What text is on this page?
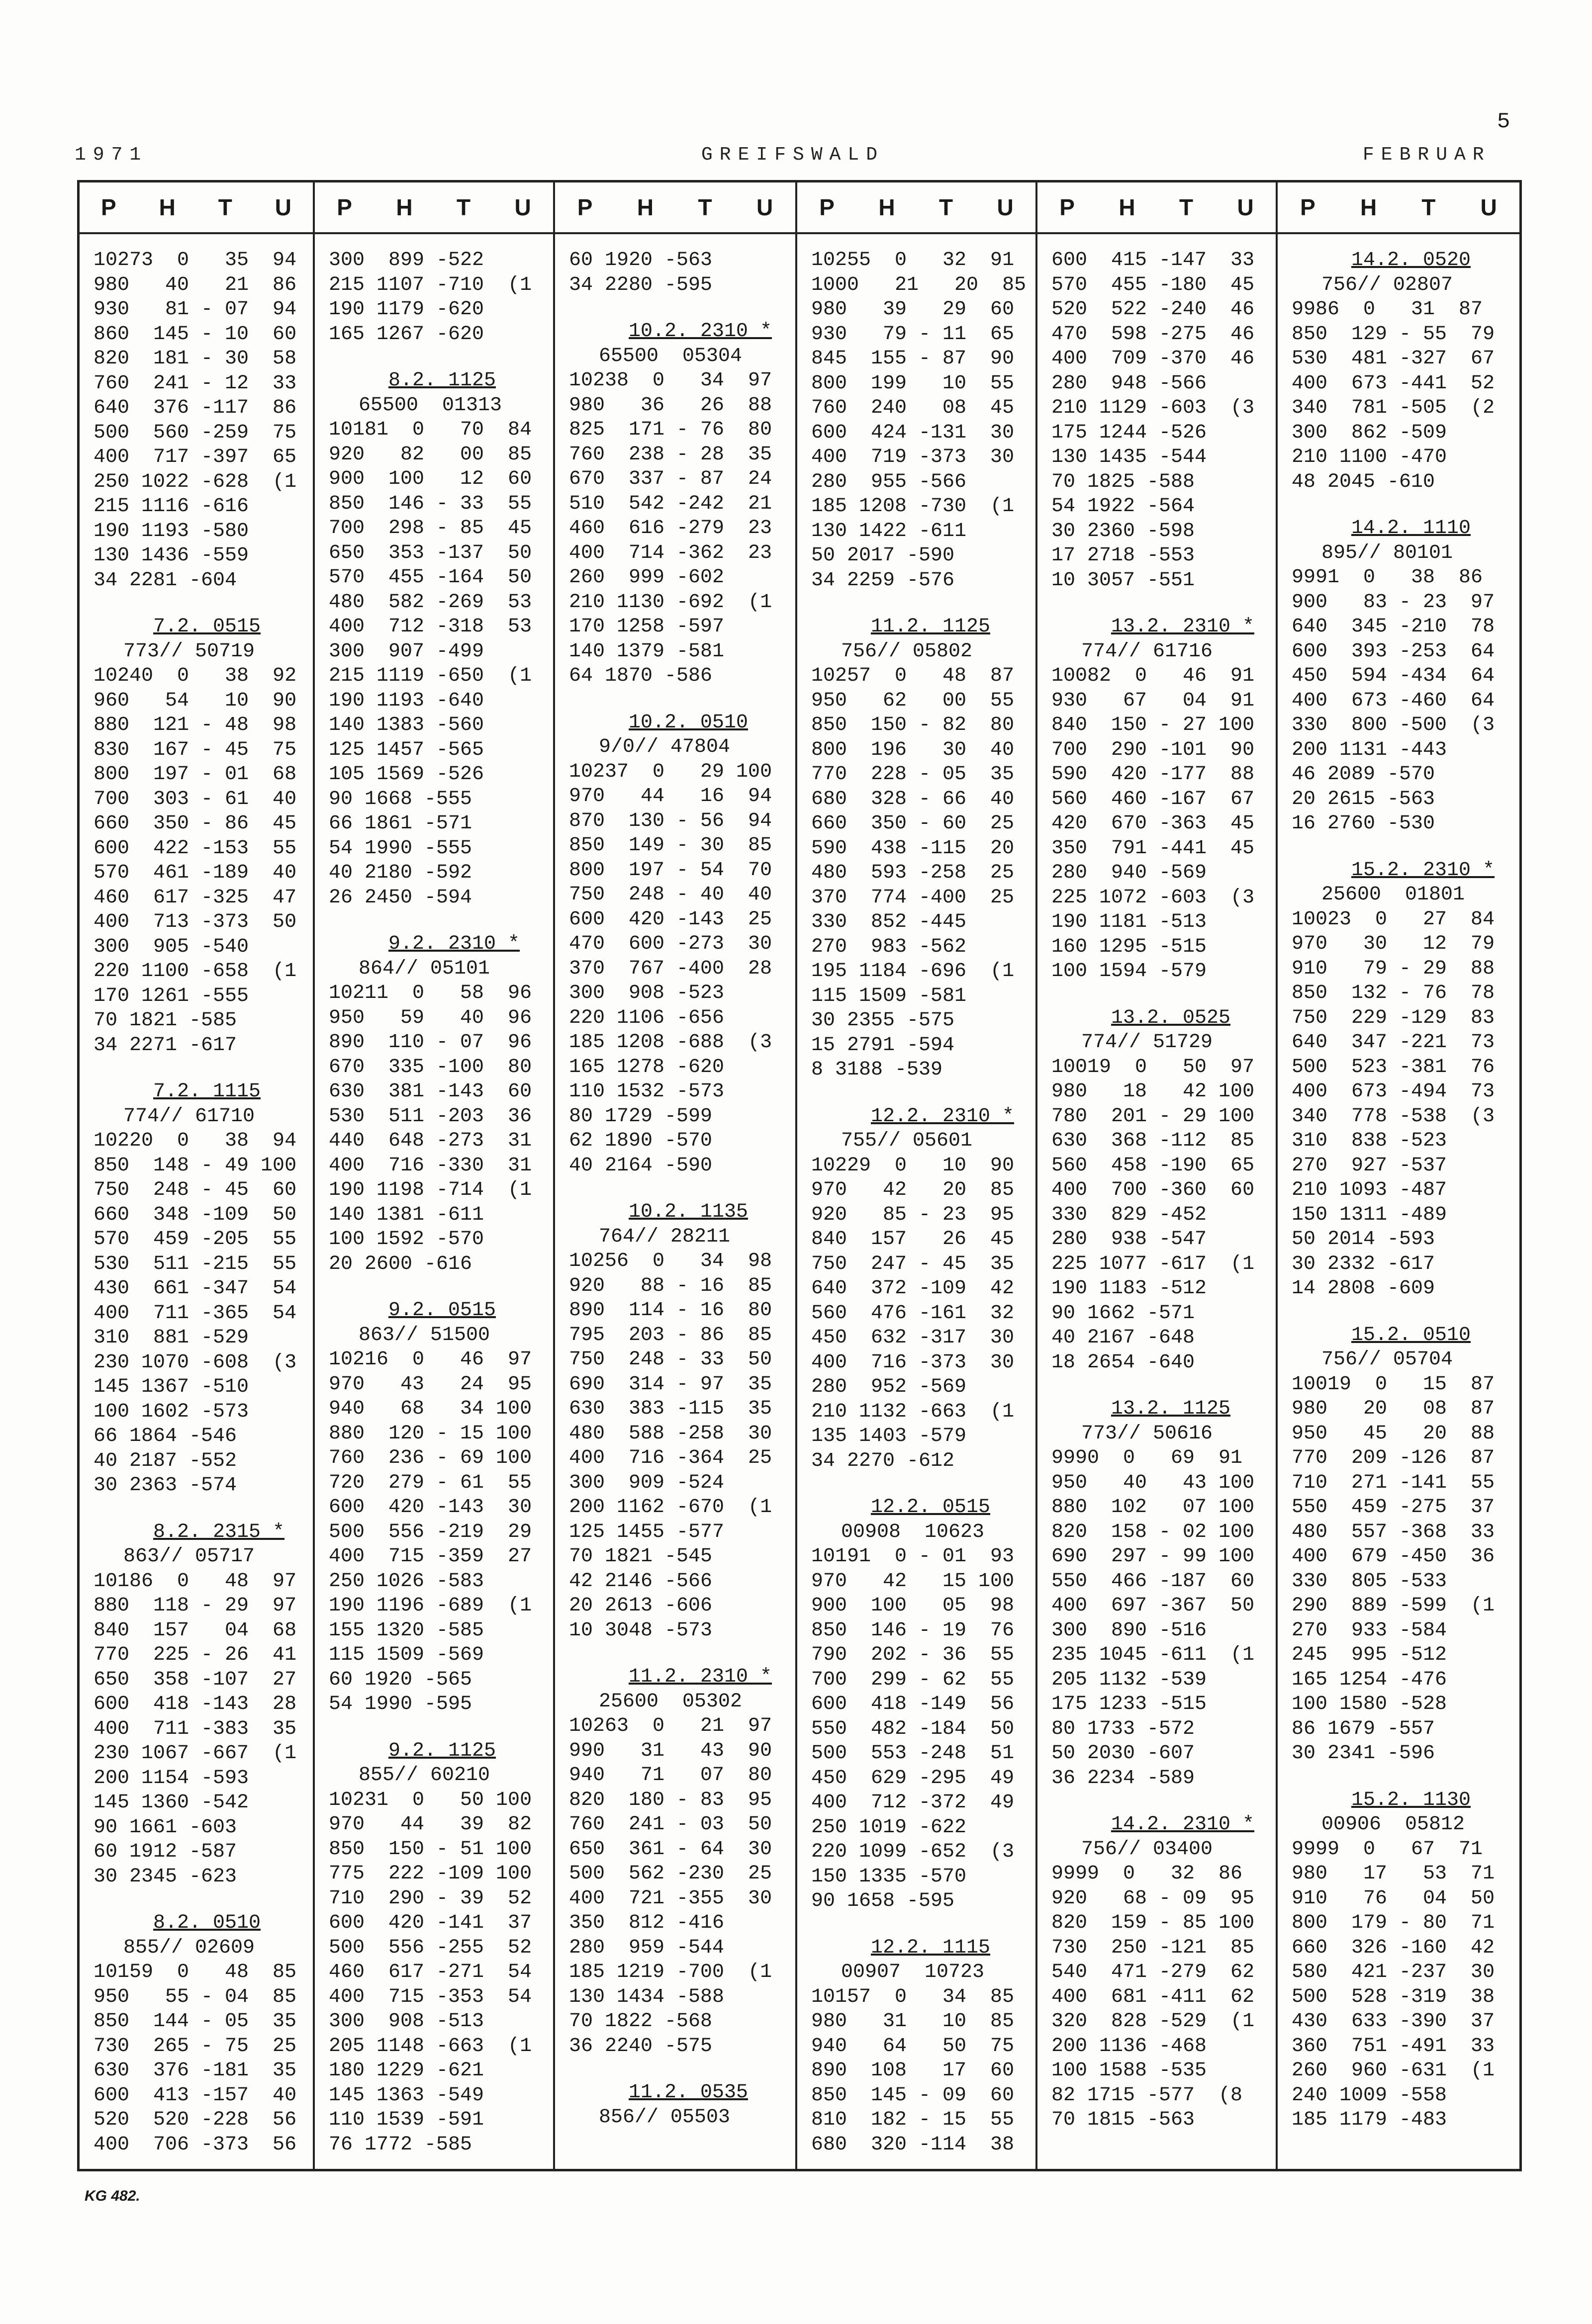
1971	GREIFSWALD	FEBRUAR
5
P H T U
10273  0   35  94
980   40   21  86
930   81 - 07  94
860  145 - 10  60
820  181 - 30  58
760  241 - 12  33
640  376 -117  86
500  560 -259  75
400  717 -397  65
250 1022 -628  (1
215 1116 -616
190 1193 -580
130 1436 -559
34 2281 -604
7.2. 0515
773// 50719
10240  0   38  92
960   54   10  90
880  121 - 48  98
830  167 - 45  75
800  197 - 01  68
700  303 - 61  40
660  350 - 86  45
600  422 -153  55
570  461 -189  40
460  617 -325  47
400  713 -373  50
300  905 -540
220 1100 -658  (1
170 1261 -555
70 1821 -585
34 2271 -617
7.2. 1115
774// 61710
10220  0   38  94
850  148 - 49 100
750  248 - 45  60
660  348 -109  50
570  459 -205  55
530  511 -215  55
430  661 -347  54
400  711 -365  54
310  881 -529
230 1070 -608  (3
145 1367 -510
100 1602 -573
66 1864 -546
40 2187 -552
30 2363 -574
8.2. 2315 *
863// 05717
10186  0   48  97
880  118 - 29  97
840  157   04  68
770  225 - 26  41
650  358 -107  27
600  418 -143  28
400  711 -383  35
230 1067 -667  (1
200 1154 -593
145 1360 -542
90 1661 -603
60 1912 -587
30 2345 -623
8.2. 0510
855// 02609
10159  0   48  85
950   55 - 04  85
850  144 - 05  35
730  265 - 75  25
630  376 -181  35
600  413 -157  40
520  520 -228  56
400  706 -373  56
P H T U
300  899 -522
215 1107 -710  (1
190 1179 -620
165 1267 -620
8.2. 1125
65500  01313
10181  0   70  84
920   82   00  85
900  100   12  60
850  146 - 33  55
700  298 - 85  45
650  353 -137  50
570  455 -164  50
480  582 -269  53
400  712 -318  53
300  907 -499
215 1119 -650  (1
190 1193 -640
140 1383 -560
125 1457 -565
105 1569 -526
90 1668 -555
66 1861 -571
54 1990 -555
40 2180 -592
26 2450 -594
9.2. 2310 *
864// 05101
10211  0   58  96
950   59   40  96
890  110 - 07  96
670  335 -100  80
630  381 -143  60
530  511 -203  36
440  648 -273  31
400  716 -330  31
190 1198 -714  (1
140 1381 -611
100 1592 -570
20 2600 -616
9.2. 0515
863// 51500
10216  0   46  97
970   43   24  95
940   68   34 100
880  120 - 15 100
760  236 - 69 100
720  279 - 61  55
600  420 -143  30
500  556 -219  29
400  715 -359  27
250 1026 -583
190 1196 -689  (1
155 1320 -585
115 1509 -569
60 1920 -565
54 1990 -595
9.2. 1125
855// 60210
10231  0   50 100
970   44   39  82
850  150 - 51 100
775  222 -109 100
710  290 - 39  52
600  420 -141  37
500  556 -255  52
460  617 -271  54
400  715 -353  54
300  908 -513
205 1148 -663  (1
180 1229 -621
145 1363 -549
110 1539 -591
76 1772 -585
P H T U
60 1920 -563
34 2280 -595
10.2. 2310 *
65500  05304
10238  0   34  97
980   36   26  88
825  171 - 76  80
760  238 - 28  35
670  337 - 87  24
510  542 -242  21
460  616 -279  23
400  714 -362  23
260  999 -602
210 1130 -692  (1
170 1258 -597
140 1379 -581
64 1870 -586
10.2. 0510
9/0// 47804
10237  0   29 100
970   44   16  94
870  130 - 56  94
850  149 - 30  85
800  197 - 54  70
750  248 - 40  40
600  420 -143  25
470  600 -273  30
370  767 -400  28
300  908 -523
220 1106 -656
185 1208 -688  (3
165 1278 -620
110 1532 -573
80 1729 -599
62 1890 -570
40 2164 -590
10.2. 1135
764// 28211
10256  0   34  98
920   88 - 16  85
890  114 - 16  80
795  203 - 86  85
750  248 - 33  50
690  314 - 97  35
630  383 -115  35
480  588 -258  30
400  716 -364  25
300  909 -524
200 1162 -670  (1
125 1455 -577
70 1821 -545
42 2146 -566
20 2613 -606
10 3048 -573
11.2. 2310 *
25600  05302
10263  0   21  97
990   31   43  90
940   71   07  80
820  180 - 83  95
760  241 - 03  50
650  361 - 64  30
500  562 -230  25
400  721 -355  30
350  812 -416
280  959 -544
185 1219 -700  (1
130 1434 -588
70 1822 -568
36 2240 -575
11.2. 0535
856// 05503
P H T U
10255  0   32  91
1000   21   20  85
980   39   29  60
930   79 - 11  65
845  155 - 87  90
800  199   10  55
760  240   08  45
600  424 -131  30
400  719 -373  30
280  955 -566
185 1208 -730  (1
130 1422 -611
50 2017 -590
34 2259 -576
11.2. 1125
756// 05802
10257  0   48  87
950   62   00  55
850  150 - 82  80
800  196   30  40
770  228 - 05  35
680  328 - 66  40
660  350 - 60  25
590  438 -115  20
480  593 -258  25
370  774 -400  25
330  852 -445
270  983 -562
195 1184 -696  (1
115 1509 -581
30 2355 -575
15 2791 -594
8 3188 -539
12.2. 2310 *
755// 05601
10229  0   10  90
970   42   20  85
920   85 - 23  95
840  157   26  45
750  247 - 45  35
640  372 -109  42
560  476 -161  32
450  632 -317  30
400  716 -373  30
280  952 -569
210 1132 -663  (1
135 1403 -579
34 2270 -612
12.2. 0515
00908  10623
10191  0 - 01  93
970   42   15 100
900  100   05  98
850  146 - 19  76
790  202 - 36  55
700  299 - 62  55
600  418 -149  56
550  482 -184  50
500  553 -248  51
450  629 -295  49
400  712 -372  49
250 1019 -622
220 1099 -652  (3
150 1335 -570
90 1658 -595
12.2. 1115
00907  10723
10157  0   34  85
980   31   10  85
940   64   50  75
890  108   17  60
850  145 - 09  60
810  182 - 15  55
680  320 -114  38
P H T U
600  415 -147  33
570  455 -180  45
520  522 -240  46
470  598 -275  46
400  709 -370  46
280  948 -566
210 1129 -603  (3
175 1244 -526
130 1435 -544
70 1825 -588
54 1922 -564
30 2360 -598
17 2718 -553
10 3057 -551
13.2. 2310 *
774// 61716
10082  0   46  91
930   67   04  91
840  150 - 27 100
700  290 -101  90
590  420 -177  88
560  460 -167  67
420  670 -363  45
350  791 -441  45
280  940 -569
225 1072 -603  (3
190 1181 -513
160 1295 -515
100 1594 -579
13.2. 0525
774// 51729
10019  0   50  97
980   18   42 100
780  201 - 29 100
630  368 -112  85
560  458 -190  65
400  700 -360  60
330  829 -452
280  938 -547
225 1077 -617  (1
190 1183 -512
90 1662 -571
40 2167 -648
18 2654 -640
13.2. 1125
773// 50616
9990  0   69  91
950   40   43 100
880  102   07 100
820  158 - 02 100
690  297 - 99 100
550  466 -187  60
400  697 -367  50
300  890 -516
235 1045 -611  (1
205 1132 -539
175 1233 -515
80 1733 -572
50 2030 -607
36 2234 -589
14.2. 2310 *
756// 03400
9999  0   32  86
920   68 - 09  95
820  159 - 85 100
730  250 -121  85
540  471 -279  62
400  681 -411  62
320  828 -529  (1
200 1136 -468
100 1588 -535
82 1715 -577  (8
70 1815 -563
P H T U
14.2. 0520
756// 02807
9986  0   31  87
850  129 - 55  79
530  481 -327  67
400  673 -441  52
340  781 -505  (2
300  862 -509
210 1100 -470
48 2045 -610
14.2. 1110
895// 80101
9991  0   38  86
900   83 - 23  97
640  345 -210  78
600  393 -253  64
450  594 -434  64
400  673 -460  64
330  800 -500  (3
200 1131 -443
46 2089 -570
20 2615 -563
16 2760 -530
15.2. 2310 *
25600  01801
10023  0   27  84
970   30   12  79
910   79 - 29  88
850  132 - 76  78
750  229 -129  83
640  347 -221  73
500  523 -381  76
400  673 -494  73
340  778 -538  (3
310  838 -523
270  927 -537
210 1093 -487
150 1311 -489
50 2014 -593
30 2332 -617
14 2808 -609
15.2. 0510
756// 05704
10019  0   15  87
980   20   08  87
950   45   20  88
770  209 -126  87
710  271 -141  55
550  459 -275  37
480  557 -368  33
400  679 -450  36
330  805 -533
290  889 -599  (1
270  933 -584
245  995 -512
165 1254 -476
100 1580 -528
86 1679 -557
30 2341 -596
15.2. 1130
00906  05812
9999  0   67  71
980   17   53  71
910   76   04  50
800  179 - 80  71
660  326 -160  42
580  421 -237  30
500  528 -319  38
430  633 -390  37
360  751 -491  33
260  960 -631  (1
240 1009 -558
185 1179 -483
KG 482.
